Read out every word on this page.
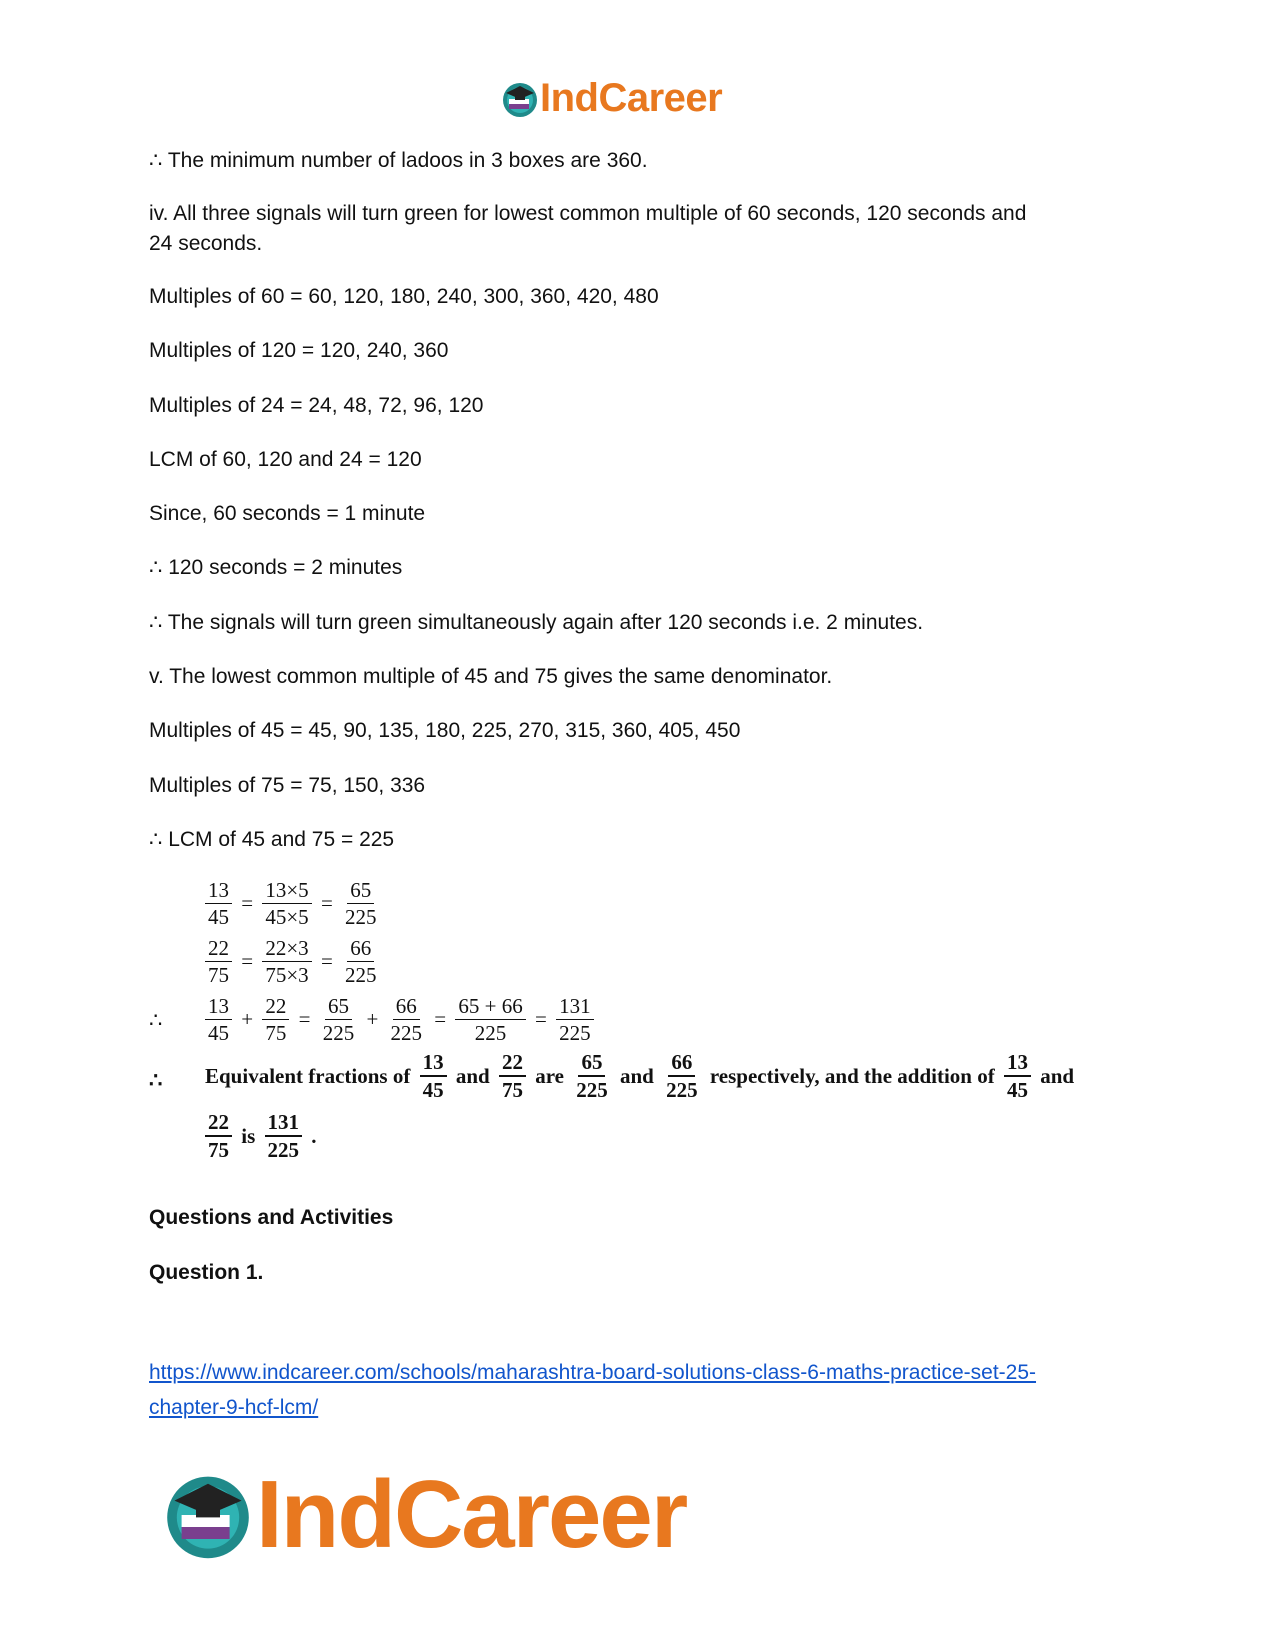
IndCareer

∴ The minimum number of ladoos in 3 boxes are 360.

iv. All three signals will turn green for lowest common multiple of 60 seconds, 120 seconds and

24 seconds.

Multiples of 60 = 60, 120, 180, 240, 300, 360, 420, 480

Multiples of 120 = 120, 240, 360

Multiples of 24 = 24, 48, 72, 96, 120

LCM of 60, 120 and 24 = 120

Since, 60 seconds = 1 minute

∴ 120 seconds = 2 minutes

∴ The signals will turn green simultaneously again after 120 seconds i.e. 2 minutes.

v. The lowest common multiple of 45 and 75 gives the same denominator.

Multiples of 45 = 45, 90, 135, 180, 225, 270, 315, 360, 405, 450

Multiples of 75 = 75, 150, 336

∴ LCM of 45 and 75 = 225

$\frac{13}{45} = \frac{13\times 5}{45\times 5} = \frac{65}{225}$
$\frac{22}{75} = \frac{22\times 3}{75\times 3} = \frac{66}{225}$
∴ $\frac{13}{45} + \frac{22}{75} = \frac{65}{225} + \frac{66}{225} = \frac{65 + 66}{225} = \frac{131}{225}$
∴ Equivalent fractions of $\frac{13}{45}$ and $\frac{22}{75}$ are $\frac{65}{225}$ and $\frac{66}{225}$ respectively, and the addition of $\frac{13}{45}$ and
$\frac{22}{75}$ is $\frac{131}{225}$ .

Questions and Activities

Question 1.

https://www.indcareer.com/schools/maharashtra-board-solutions-class-6-maths-practice-set-25-
chapter-9-hcf-lcm/
IndCareer
